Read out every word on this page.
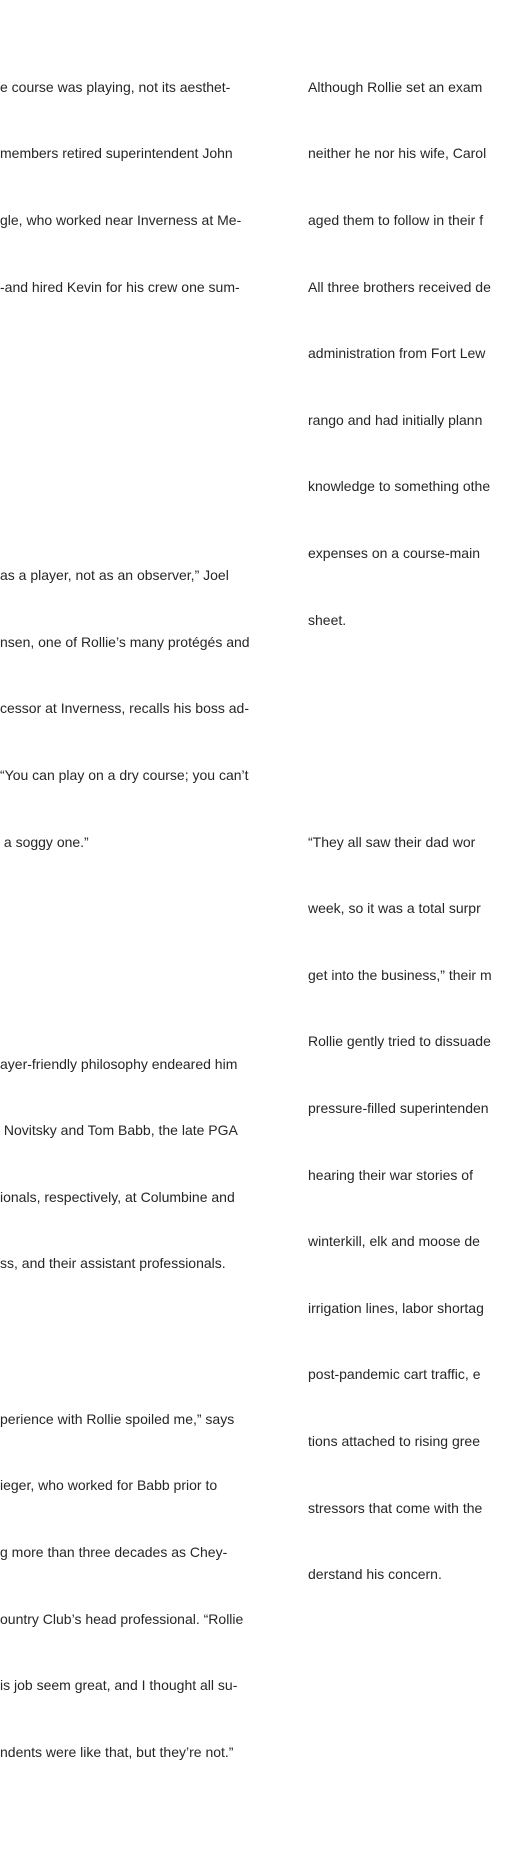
e course was playing, not its aesthet-

members retired superintendent John

gle, who worked near Inverness at Me-

-and hired Kevin for his crew one sum-

as a player, not as an observer,” Joel

nsen, one of Rollie’s many protégés and

cessor at Inverness, recalls his boss ad-

“You can play on a dry course; you can’t

a soggy one.”

ayer-friendly philosophy endeared him

Novitsky and Tom Babb, the late PGA

ionals, respectively, at Columbine and

ss, and their assistant professionals.

perience with Rollie spoiled me,” says

ieger, who worked for Babb prior to

g more than three decades as Chey-

ountry Club’s head professional. “Rollie

is job seem great, and I thought all su-

ndents were like that, but they’re not.”

Although Rollie set an exam

neither he nor his wife, Carol

aged them to follow in their f

All three brothers received de

administration from Fort Lew

rango and had initially plann

knowledge to something othe

expenses on a course-main

sheet.

“They all saw their dad wor

week, so it was a total surpr

get into the business,” their m

Rollie gently tried to dissuade

pressure-filled superintenden

hearing their war stories of

winterkill, elk and moose de

irrigation lines, labor shortag

post-pandemic cart traffic, e

tions attached to rising gree

stressors that come with the

derstand his concern.
